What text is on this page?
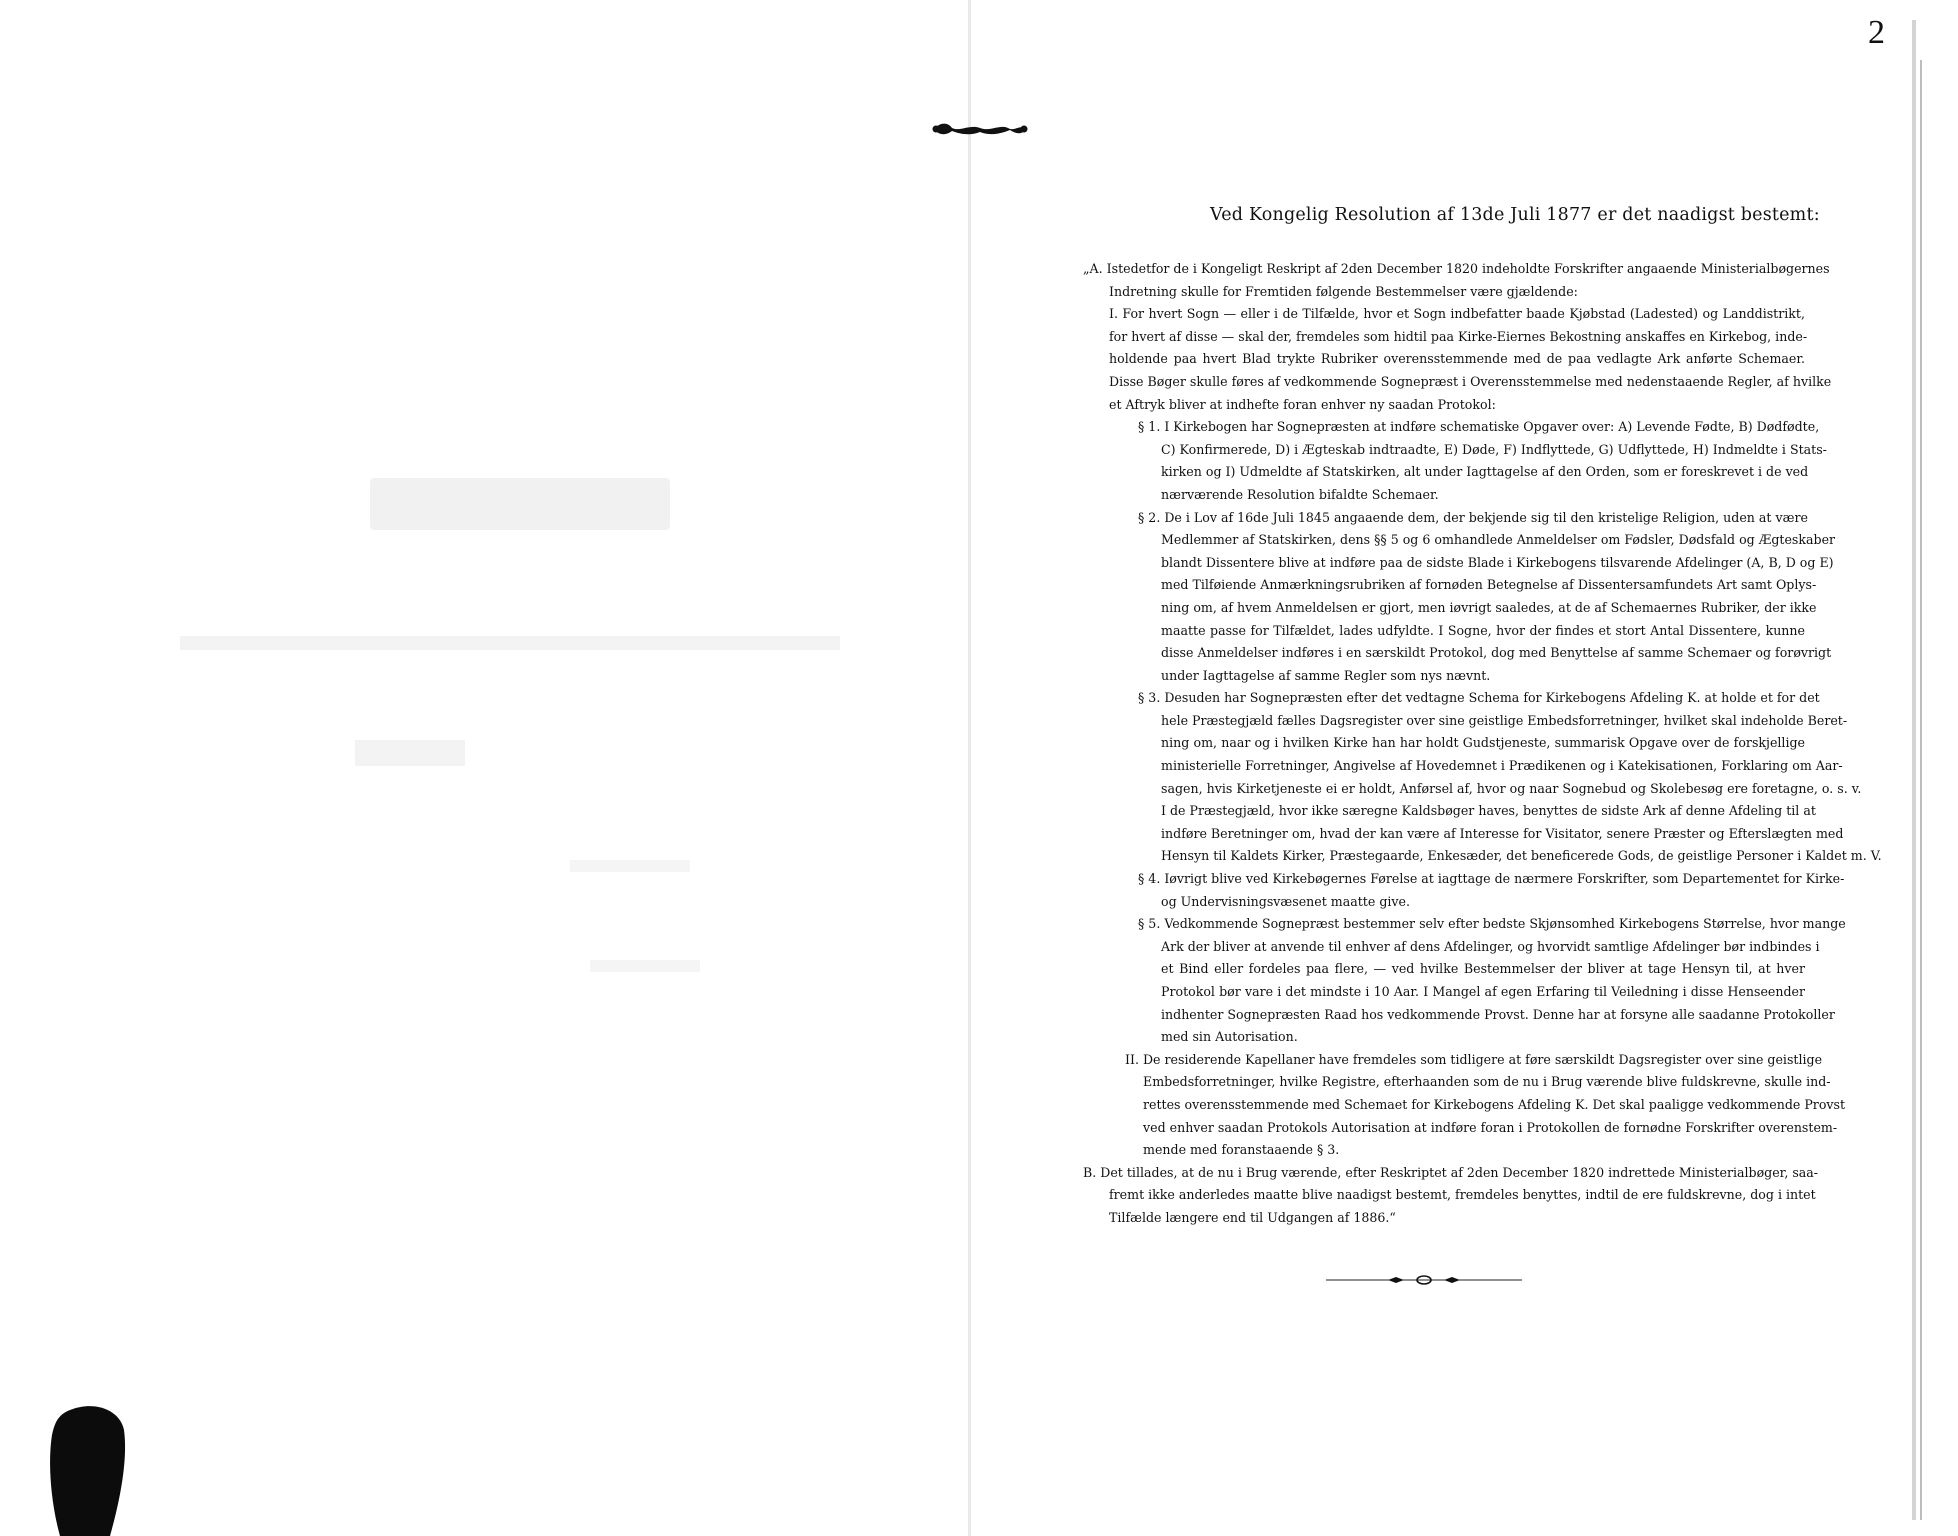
2
Ved Kongelig Resolution af 13de Juli 1877 er det naadigst bestemt:
„A. Istedetfor de i Kongeligt Reskript af 2den December 1820 indeholdte Forskrifter angaaende Ministerialbøgernes
Indretning skulle for Fremtiden følgende Bestemmelser være gjældende:
I. For hvert Sogn — eller i de Tilfælde, hvor et Sogn indbefatter baade Kjøbstad (Ladested) og Landdistrikt,
for hvert af disse — skal der, fremdeles som hidtil paa Kirke-Eiernes Bekostning anskaffes en Kirkebog, inde-
holdende paa hvert Blad trykte Rubriker overensstemmende med de paa vedlagte Ark anførte Schemaer.
Disse Bøger skulle føres af vedkommende Sognepræst i Overensstemmelse med nedenstaaende Regler, af hvilke
et Aftryk bliver at indhefte foran enhver ny saadan Protokol:
§ 1. I Kirkebogen har Sognepræsten at indføre schematiske Opgaver over: A) Levende Fødte, B) Dødfødte,
C) Konfirmerede, D) i Ægteskab indtraadte, E) Døde, F) Indflyttede, G) Udflyttede, H) Indmeldte i Stats-
kirken og I) Udmeldte af Statskirken, alt under Iagttagelse af den Orden, som er foreskrevet i de ved
nærværende Resolution bifaldte Schemaer.
§ 2. De i Lov af 16de Juli 1845 angaaende dem, der bekjende sig til den kristelige Religion, uden at være
Medlemmer af Statskirken, dens §§ 5 og 6 omhandlede Anmeldelser om Fødsler, Dødsfald og Ægteskaber
blandt Dissentere blive at indføre paa de sidste Blade i Kirkebogens tilsvarende Afdelinger (A, B, D og E)
med Tilføiende Anmærkningsrubriken af fornøden Betegnelse af Dissentersamfundets Art samt Oplys-
ning om, af hvem Anmeldelsen er gjort, men iøvrigt saaledes, at de af Schemaernes Rubriker, der ikke
maatte passe for Tilfældet, lades udfyldte. I Sogne, hvor der findes et stort Antal Dissentere, kunne
disse Anmeldelser indføres i en særskildt Protokol, dog med Benyttelse af samme Schemaer og forøvrigt
under Iagttagelse af samme Regler som nys nævnt.
§ 3. Desuden har Sognepræsten efter det vedtagne Schema for Kirkebogens Afdeling K. at holde et for det
hele Præstegjæld fælles Dagsregister over sine geistlige Embedsforretninger, hvilket skal indeholde Beret-
ning om, naar og i hvilken Kirke han har holdt Gudstjeneste, summarisk Opgave over de forskjellige
ministerielle Forretninger, Angivelse af Hovedemnet i Prædikenen og i Katekisationen, Forklaring om Aar-
sagen, hvis Kirketjeneste ei er holdt, Anførsel af, hvor og naar Sognebud og Skolebesøg ere foretagne, o. s. v.
I de Præstegjæld, hvor ikke særegne Kaldsbøger haves, benyttes de sidste Ark af denne Afdeling til at
indføre Beretninger om, hvad der kan være af Interesse for Visitator, senere Præster og Efterslægten med
Hensyn til Kaldets Kirker, Præstegaarde, Enkesæder, det beneficerede Gods, de geistlige Personer i Kaldet m. V.
§ 4. Iøvrigt blive ved Kirkebøgernes Førelse at iagttage de nærmere Forskrifter, som Departementet for Kirke-
og Undervisningsvæsenet maatte give.
§ 5. Vedkommende Sognepræst bestemmer selv efter bedste Skjønsomhed Kirkebogens Størrelse, hvor mange
Ark der bliver at anvende til enhver af dens Afdelinger, og hvorvidt samtlige Afdelinger bør indbindes i
et Bind eller fordeles paa flere, — ved hvilke Bestemmelser der bliver at tage Hensyn til, at hver
Protokol bør vare i det mindste i 10 Aar. I Mangel af egen Erfaring til Veiledning i disse Henseender
indhenter Sognepræsten Raad hos vedkommende Provst. Denne har at forsyne alle saadanne Protokoller
med sin Autorisation.
II. De residerende Kapellaner have fremdeles som tidligere at føre særskildt Dagsregister over sine geistlige
Embedsforretninger, hvilke Registre, efterhaanden som de nu i Brug værende blive fuldskrevne, skulle ind-
rettes overensstemmende med Schemaet for Kirkebogens Afdeling K. Det skal paaligge vedkommende Provst
ved enhver saadan Protokols Autorisation at indføre foran i Protokollen de fornødne Forskrifter overenstem-
mende med foranstaaende § 3.
B. Det tillades, at de nu i Brug værende, efter Reskriptet af 2den December 1820 indrettede Ministerialbøger, saa-
fremt ikke anderledes maatte blive naadigst bestemt, fremdeles benyttes, indtil de ere fuldskrevne, dog i intet
Tilfælde længere end til Udgangen af 1886.“
